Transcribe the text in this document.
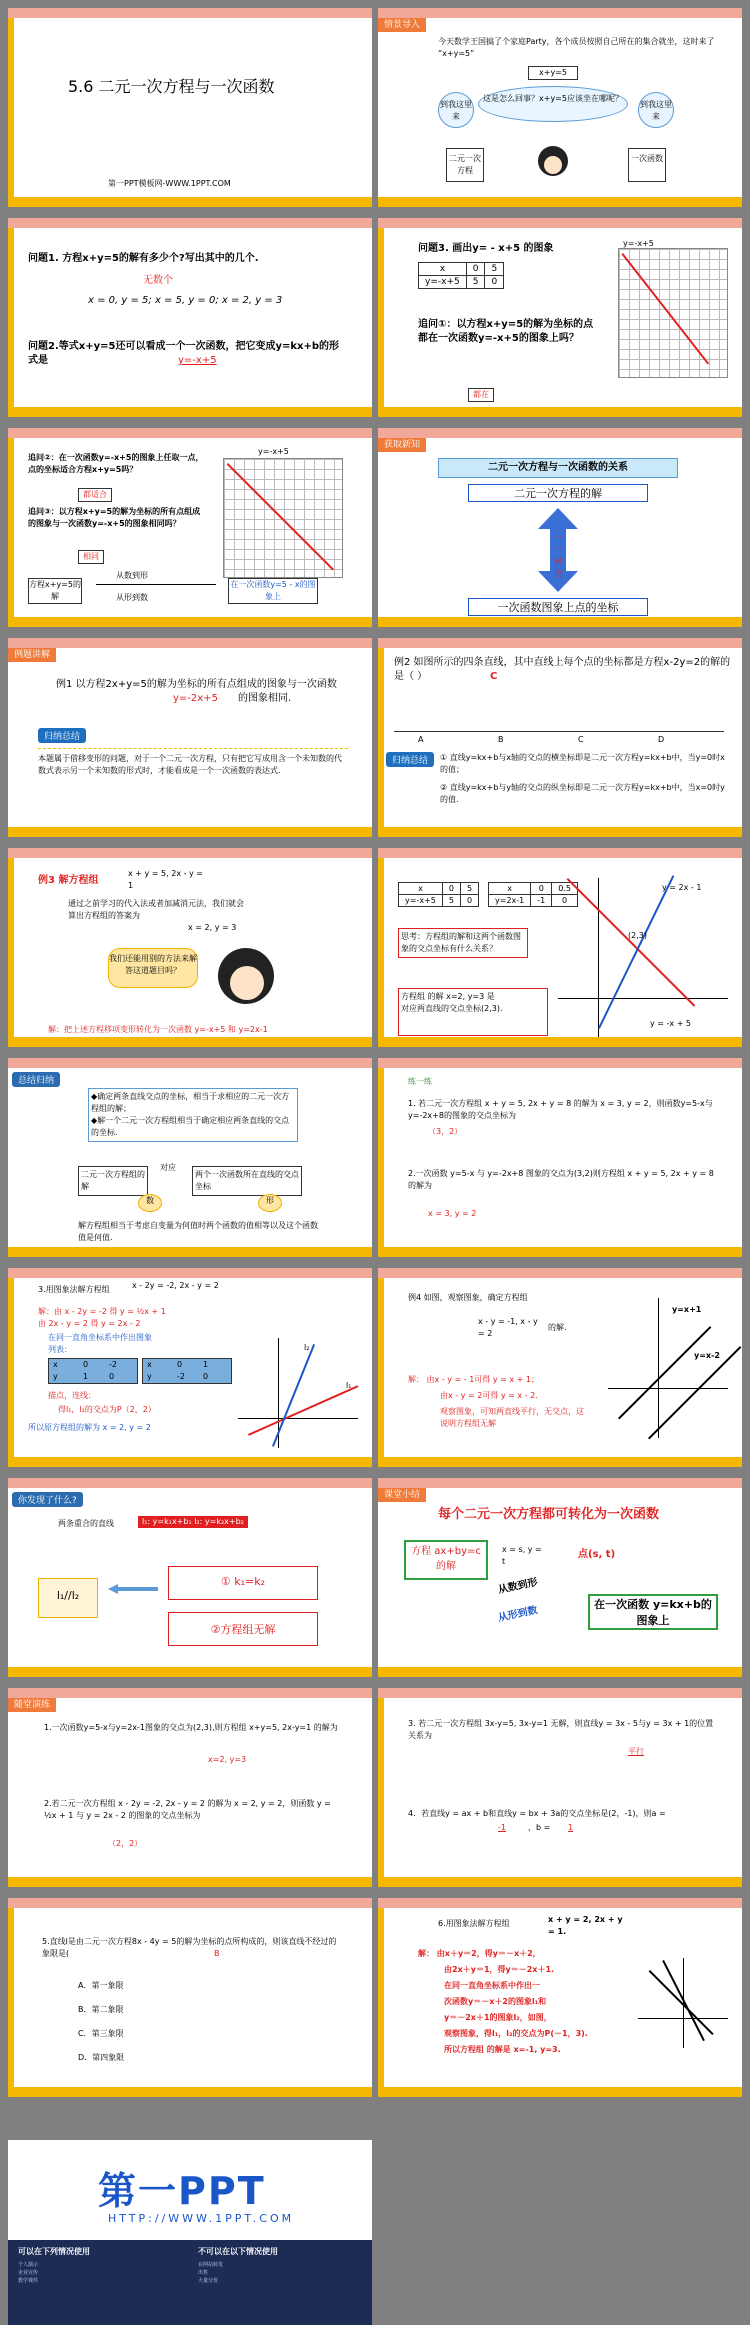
5.6 二元一次方程与一次函数
第一PPT模板网-WWW.1PPT.COM
情景导入
今天数学王国搞了个家庭Party，各个成员按照自己所在的集合就坐，这时来了 “x+y=5”
x+y=5
这是怎么回事？x+y=5应该坐在哪呢？
到我这里来
到我这里来
二元一次方程
一次函数
问题1. 方程x+y=5的解有多少个?写出其中的几个.
无数个
x = 0, y = 5; x = 5, y = 0; x = 2, y = 3
问题2.等式x+y=5还可以看成一个一次函数，把它变成y=kx+b的形式是	y=-x+5
问题3. 画出y= - x+5 的图象
x	0	5
y=-x+5	5	0
y=-x+5
追问①：以方程x+y=5的解为坐标的点都在一次函数y=-x+5的图象上吗？
都在
追问②：在一次函数y=-x+5的图象上任取一点，点的坐标适合方程x+y=5吗？
都适合
追问③：以方程x+y=5的解为坐标的所有点组成的图象与一次函数y=-x+5的图象相同吗？
相同
y=-x+5
方程x+y=5的解
从数到形
从形到数
在一次函数y=5 - x的图象上
获取新知
二元一次方程与一次函数的关系
二元一次方程的解
一一对应
一次函数图象上点的坐标
例题讲解
例1 以方程2x+y=5的解为坐标的所有点组成的图象与一次函数
y=-2x+5 的图象相同.
归纳总结
本题属于借移变形的问题，对于一个二元一次方程，只有把它写成用含一个未知数的代数式表示另一个未知数的形式时，才能看成是一个一次函数的表达式.
例2 如图所示的四条直线，其中直线上每个点的坐标都是方程x-2y=2的解的是（ ）	C
A	B	C	D
归纳总结	① 直线y=kx+b与x轴的交点的横坐标即是二元一次方程y=kx+b中，当y=0时x的值；
② 直线y=kx+b与y轴的交点的纵坐标即是二元一次方程y=kx+b中，当x=0时y的值.
例3 解方程组
x + y = 5, 2x - y = 1
通过之前学习的代入法或者加减消元法，我们就会算出方程组的答案为
x = 2, y = 3
我们还能用别的方法来解答这道题目吗？
解：把上述方程移项变形转化为一次函数 y=-x+5 和 y=2x-1
x	0	5
y=-x+5	5	0
x	0	0.5
y=2x-1	-1	0
思考：方程组的解和这两个函数图象的交点坐标有什么关系？
方程组 的解 x=2, y=3 是
对应两直线的交点坐标(2,3).
y = 2x - 1
y = -x + 5
(2,3)
总结归纳
◆确定两条直线交点的坐标，相当于求相应的二元一次方程组的解；
◆解一个二元一次方程组相当于确定相应两条直线的交点的坐标.
二元一次方程组的解
对应
两个一次函数所在直线的交点坐标
数	形
解方程组相当于考虑自变量为何值时两个函数的值相等以及这个函数值是何值.
练一练
1. 若二元一次方程组 x + y = 5, 2x + y = 8 的解为 x = 3, y = 2，则函数y=5-x与y=-2x+8的图象的交点坐标为
（3，2）
2.一次函数 y=5-x 与 y=-2x+8 图象的交点为(3,2)则方程组 x + y = 5, 2x + y = 8 的解为
x = 3, y = 2
3.用图象法解方程组	x - 2y = -2, 2x - y = 2
解：由 x - 2y = -2 得 y = ½x + 1
由 2x - y = 2 得 y = 2x - 2
在同一直角坐标系中作出图象
列表：
x	0	-2
y	1	0
x	0	1
y	-2 0
描点，连线：
得l₁，l₂的交点为P（2，2）
所以原方程组的解为 x = 2, y = 2
l₁
l₂
例4 如图，观察图象，确定方程组
x - y = -1, x - y = 2
的解.
解： 由x - y = - 1可得 y = x + 1；
由x - y = 2可得 y = x - 2.
观察图象，可知两直线平行，无交点，这说明方程组无解
y=x+1
y=x-2
你发现了什么?
两条重合的直线	l₁: y=k₁x+b₁ l₂: y=k₂x+b₂
l₁//l₂
① k₁=k₂
②方程组无解
课堂小结
每个二元一次方程都可转化为一次函数
方程 ax+by=c 的解
x = s, y = t
点(s, t)
从数到形
从形到数
在一次函数 y=kx+b的图象上
随堂演练
1.一次函数y=5-x与y=2x-1图象的交点为(2,3),则方程组 x+y=5, 2x-y=1 的解为
x=2, y=3
2.若二元一次方程组 x - 2y = -2, 2x - y = 2 的解为 x = 2, y = 2，则函数 y = ½x + 1 与 y = 2x - 2 的图象的交点坐标为
（2，2）
3. 若二元一次方程组 3x-y=5, 3x-y=1 无解，则直线y = 3x - 5与y = 3x + 1的位置关系为
平行
4．若直线y = ax + b和直线y = bx + 3a的交点坐标是(2，-1)，则a =
-1	，b = 1
5.直线l是由二元一次方程8x - 4y = 5的解为坐标的点所构成的，则该直线不经过的象限是(	B
A．第一象限
B．第二象限
C．第三象限
D．第四象限
6.用图象法解方程组	x + y = 2, 2x + y = 1.
解： 由x＋y＝2，得y＝－x＋2，
由2x＋y＝1，得y＝－2x＋1.
在同一直角坐标系中作出一
次函数y＝－x＋2的图象l₁和
y＝－2x＋1的图象l₂，如图，
观察图象，得l₁，l₂的交点为P(－1，3).
所以方程组 的解是 x=-1, y=3.
第一PPT
HTTP://WWW.1PPT.COM
可以在下列情况使用	不可以在以下情况使用
个人演示
企业宣传
教学课件
在网站转发
出售
大量分发
